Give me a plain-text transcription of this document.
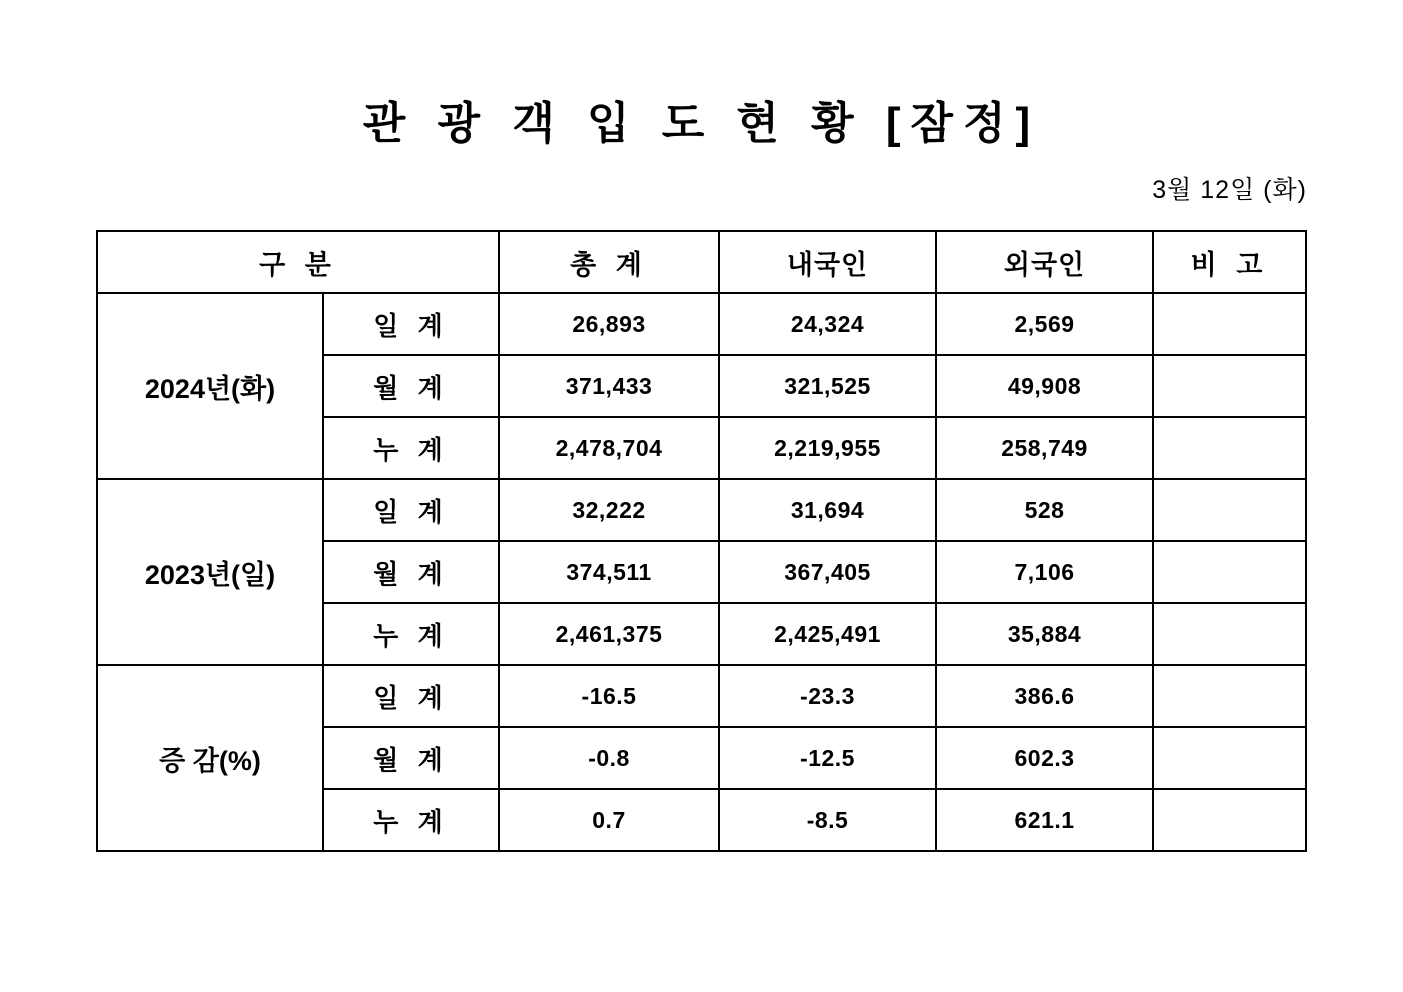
관 광 객 입 도 현 황 [잠정]
3월 12일 (화)
구 분		총 계	내국인	외국인	비 고
2024년(화)	일 계	26,893	24,324	2,569	
	월 계	371,433	321,525	49,908	
	누 계	2,478,704	2,219,955	258,749	
2023년(일)	일 계	32,222	31,694	528	
	월 계	374,511	367,405	7,106	
	누 계	2,461,375	2,425,491	35,884	
증 감(%)	일 계	-16.5	-23.3	386.6	
	월 계	-0.8	-12.5	602.3	
	누 계	0.7	-8.5	621.1	
